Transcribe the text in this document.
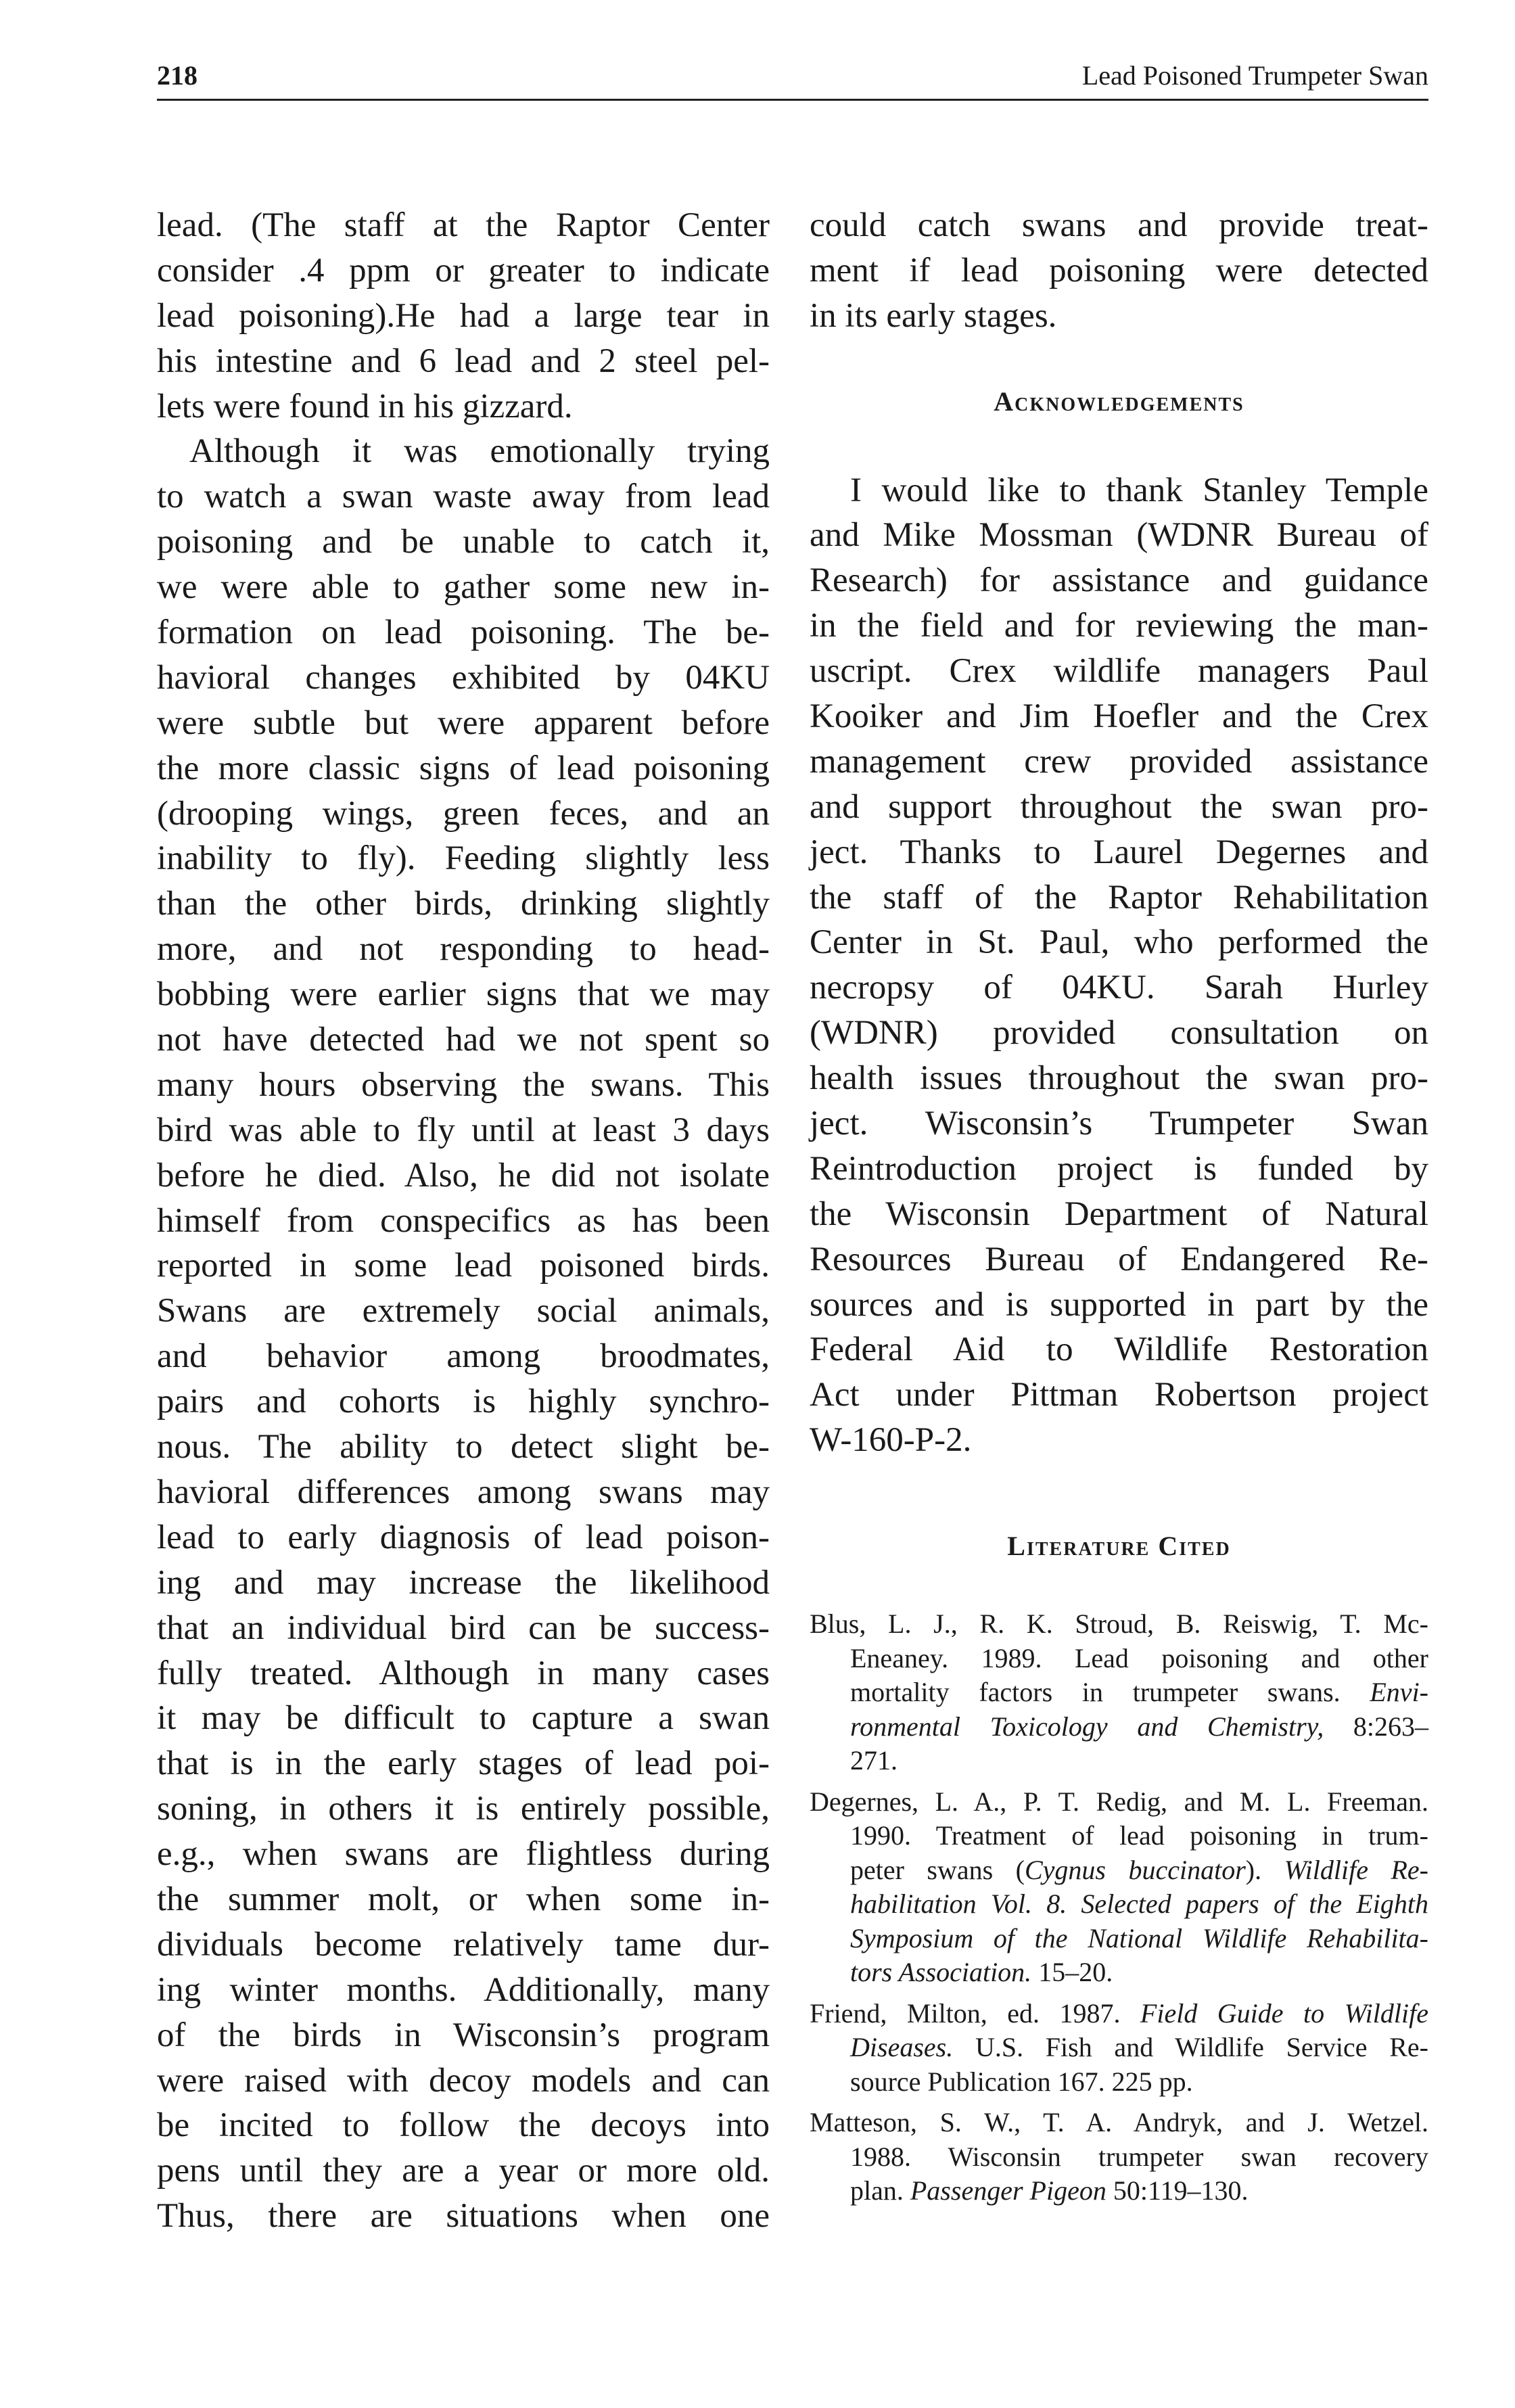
218	Lead Poisoned Trumpeter Swan
lead. (The staff at the Raptor Center
consider .4 ppm or greater to indicate
lead poisoning).He had a large tear in
his intestine and 6 lead and 2 steel pel-
lets were found in his gizzard.
Although it was emotionally trying
to watch a swan waste away from lead
poisoning and be unable to catch it,
we were able to gather some new in-
formation on lead poisoning. The be-
havioral changes exhibited by 04KU
were subtle but were apparent before
the more classic signs of lead poisoning
(drooping wings, green feces, and an
inability to fly). Feeding slightly less
than the other birds, drinking slightly
more, and not responding to head-
bobbing were earlier signs that we may
not have detected had we not spent so
many hours observing the swans. This
bird was able to fly until at least 3 days
before he died. Also, he did not isolate
himself from conspecifics as has been
reported in some lead poisoned birds.
Swans are extremely social animals,
and behavior among broodmates,
pairs and cohorts is highly synchro-
nous. The ability to detect slight be-
havioral differences among swans may
lead to early diagnosis of lead poison-
ing and may increase the likelihood
that an individual bird can be success-
fully treated. Although in many cases
it may be difficult to capture a swan
that is in the early stages of lead poi-
soning, in others it is entirely possible,
e.g., when swans are flightless during
the summer molt, or when some in-
dividuals become relatively tame dur-
ing winter months. Additionally, many
of the birds in Wisconsin’s program
were raised with decoy models and can
be incited to follow the decoys into
pens until they are a year or more old.
Thus, there are situations when one
could catch swans and provide treat-
ment if lead poisoning were detected
in its early stages.
Acknowledgements
I would like to thank Stanley Temple
and Mike Mossman (WDNR Bureau of
Research) for assistance and guidance
in the field and for reviewing the man-
uscript. Crex wildlife managers Paul
Kooiker and Jim Hoefler and the Crex
management crew provided assistance
and support throughout the swan pro-
ject. Thanks to Laurel Degernes and
the staff of the Raptor Rehabilitation
Center in St. Paul, who performed the
necropsy of 04KU. Sarah Hurley
(WDNR) provided consultation on
health issues throughout the swan pro-
ject. Wisconsin’s Trumpeter Swan
Reintroduction project is funded by
the Wisconsin Department of Natural
Resources Bureau of Endangered Re-
sources and is supported in part by the
Federal Aid to Wildlife Restoration
Act under Pittman Robertson project
W-160-P-2.
Literature Cited
Blus, L. J., R. K. Stroud, B. Reiswig, T. Mc-
Eneaney. 1989. Lead poisoning and other
mortality factors in trumpeter swans. Envi-
ronmental Toxicology and Chemistry, 8:263–
271.
Degernes, L. A., P. T. Redig, and M. L. Freeman.
1990. Treatment of lead poisoning in trum-
peter swans (Cygnus buccinator). Wildlife Re-
habilitation Vol. 8. Selected papers of the Eighth
Symposium of the National Wildlife Rehabilita-
tors Association. 15–20.
Friend, Milton, ed. 1987. Field Guide to Wildlife
Diseases. U.S. Fish and Wildlife Service Re-
source Publication 167. 225 pp.
Matteson, S. W., T. A. Andryk, and J. Wetzel.
1988. Wisconsin trumpeter swan recovery
plan. Passenger Pigeon 50:119–130.
